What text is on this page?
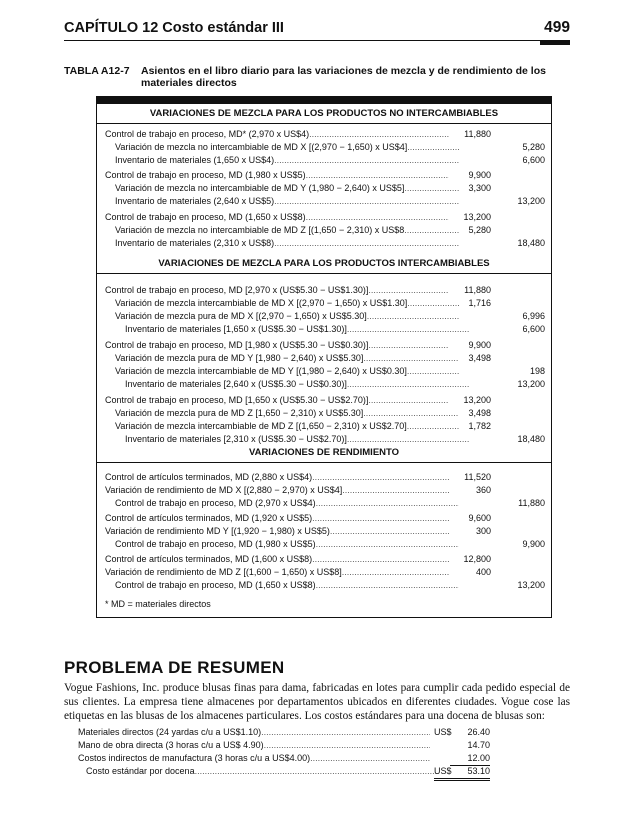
CAPÍTULO 12 Costo estándar III	499
TABLA A12-7 Asientos en el libro diario para las variaciones de mezcla y de rendimiento de los materiales directos
* MD = materiales directos
VARIACIONES DE MEZCLA PARA LOS PRODUCTOS NO INTERCAMBIABLES
Control de trabajo en proceso, MD* (2,970 x US$4) .....	11,880
Variación de mezcla no intercambiable de MD X [(2,970 − 1,650) x US$4] .....	5,280
Inventario de materiales (1,650 x US$4) .....	6,600
Control de trabajo en proceso, MD (1,980 x US$5) .....	9,900
Variación de mezcla no intercambiable de MD Y (1,980 − 2,640) x US$5] .....	3,300
Inventario de materiales (2,640 x US$5) .....	13,200
Control de trabajo en proceso, MD (1,650 x US$8) .....	13,200
Variación de mezcla no intercambiable de MD Z [(1,650 − 2,310) x US$8 .....	5,280
Inventario de materiales (2,310 x US$8) .....	18,480
VARIACIONES DE MEZCLA PARA LOS PRODUCTOS INTERCAMBIABLES
Control de trabajo en proceso, MD [2,970 x (US$5.30 − US$1.30)] .....	11,880
Variación de mezcla intercambiable de MD X [(2,970 − 1,650) x US$1.30] .....	1,716
Variación de mezcla pura de MD X [(2,970 − 1,650) x US$5.30] .....	6,996
Inventario de materiales [1,650 x (US$5.30 − US$1.30)] .....	6,600
Control de trabajo en proceso, MD [1,980 x (US$5.30 − US$0.30)] .....	9,900
Variación de mezcla pura de MD Y [1,980 − 2,640) x US$5.30] .....	3,498
Variación de mezcla intercambiable de MD Y [(1,980 − 2,640) x US$0.30] .....	198
Inventario de materiales [2,640 x (US$5.30 − US$0.30)] .....	13,200
Control de trabajo en proceso, MD [1,650 x (US$5.30 − US$2.70)] .....	13,200
Variación de mezcla pura de MD Z [1,650 − 2,310) x US$5.30] .....	3,498
Variación de mezcla intercambiable de MD Z [(1,650 − 2,310) x US$2.70] .....	1,782
Inventario de materiales [2,310 x (US$5.30 − US$2.70)] .....	18,480
VARIACIONES DE RENDIMIENTO
Control de artículos terminados, MD (2,880 x US$4) .....	11,520
Variación de rendimiento de MD X [(2,880 − 2,970) x US$4] .....	360
Control de trabajo en proceso, MD (2,970 x US$4) .....	11,880
Control de artículos terminados, MD (1,920 x US$5) .....	9,600
Variación de rendimiento MD Y [(1,920 − 1,980) x US$5) .....	300
Control de trabajo en proceso, MD (1,980 x US$5) .....	9,900
Control de artículos terminados, MD (1,600 x US$8) .....	12,800
Variación de rendimiento de MD Z [(1,600 − 1,650) x US$8] .....	400
Control de trabajo en proceso, MD (1,650 x US$8) .....	13,200
PROBLEMA DE RESUMEN
Vogue Fashions, Inc. produce blusas finas para dama, fabricadas en lotes para cumplir cada pedido especial de sus clientes. La empresa tiene almacenes por departamentos ubicados en diferentes ciudades. Vogue cose las etiquetas en las blusas de los almacenes particulares. Los costos estándares para una docena de blusas son:
Materiales directos (24 yardas c/u a US$1.10) .....	US$	26.40
Mano de obra directa (3 horas c/u a US$ 4.90) .....	14.70
Costos indirectos de manufactura (3 horas c/u a US$4.00) .....	12.00
Costo estándar por docena .....	US$	53.10
